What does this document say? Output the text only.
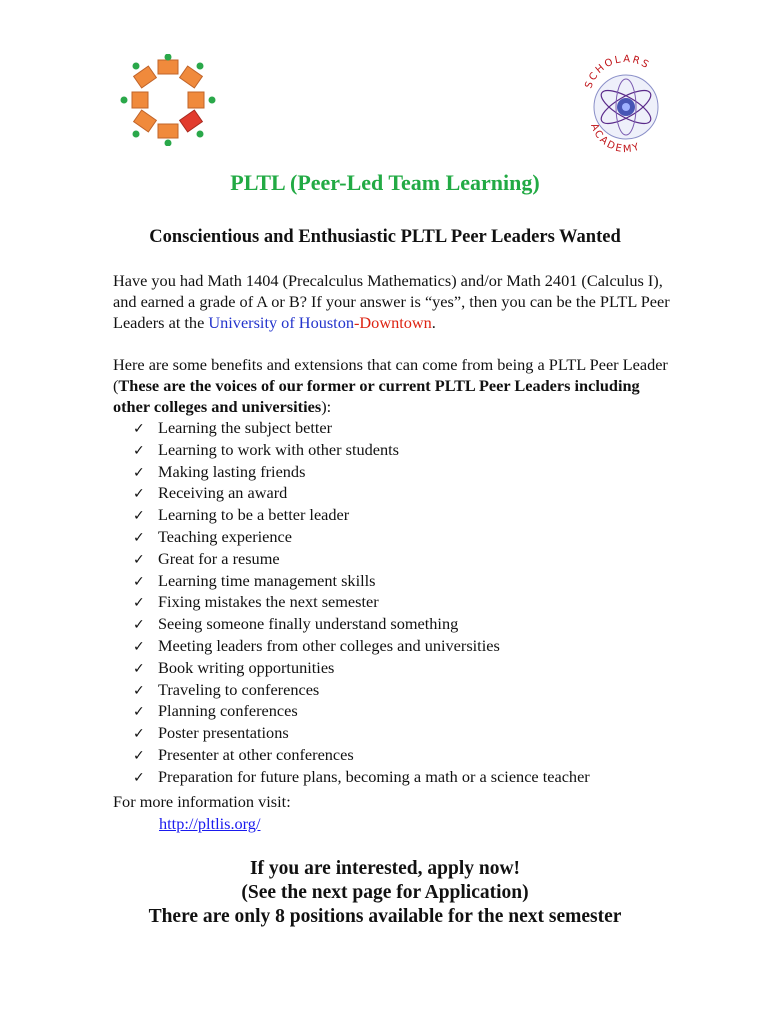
SCHOLARS
ACADEMY
PLTL (Peer-Led Team Learning)
Conscientious and Enthusiastic PLTL Peer Leaders Wanted
Have you had Math 1404 (Precalculus Mathematics) and/or Math 2401 (Calculus I), and earned a grade of A or B? If your answer is “yes”, then you can be the PLTL Peer Leaders at the University of Houston-Downtown.
Here are some benefits and extensions that can come from being a PLTL Peer Leader (These are the voices of our former or current PLTL Peer Leaders including other colleges and universities):
✓ Learning the subject better
✓ Learning to work with other students
✓ Making lasting friends
✓ Receiving an award
✓ Learning to be a better leader
✓ Teaching experience
✓ Great for a resume
✓ Learning time management skills
✓ Fixing mistakes the next semester
✓ Seeing someone finally understand something
✓ Meeting leaders from other colleges and universities
✓ Book writing opportunities
✓ Traveling to conferences
✓ Planning conferences
✓ Poster presentations
✓ Presenter at other conferences
✓ Preparation for future plans, becoming a math or a science teacher
For more information visit:
http://pltlis.org/
If you are interested, apply now!
(See the next page for Application)
There are only 8 positions available for the next semester
